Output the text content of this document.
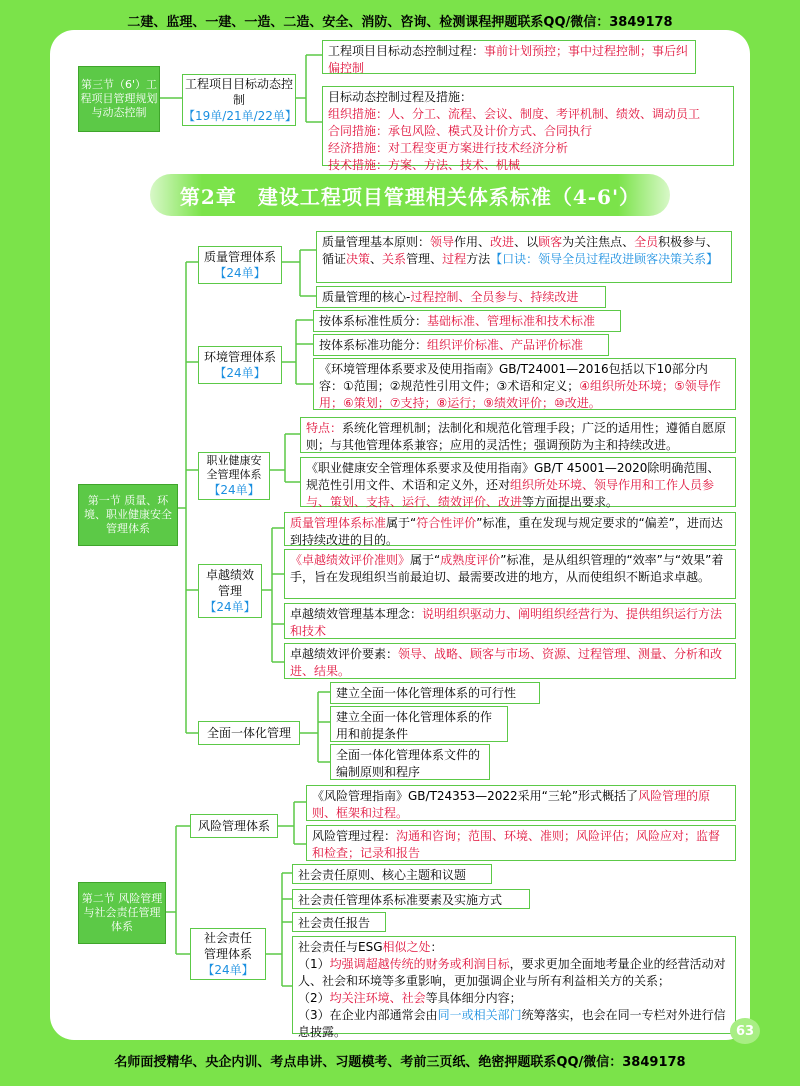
二建、监理、一建、一造、二造、安全、消防、咨询、检测课程押题联系QQ/微信：3849178
第三节（6'）工程项目管理规划与动态控制
工程项目目标动态控制
【19单/21单/22单】
工程项目目标动态控制过程：事前计划预控；事中过程控制；事后纠偏控制
目标动态控制过程及措施：
组织措施：人、分工、流程、会议、制度、考评机制、绩效、调动员工
合同措施：承包风险、模式及计价方式、合同执行
经济措施：对工程变更方案进行技术经济分析
技术措施：方案、方法、技术、机械
第2章　建设工程项目管理相关体系标准（4-6'）
第一节 质量、环境、职业健康安全管理体系
质量管理体系
【24单】
质量管理基本原则：领导作用、改进、以顾客为关注焦点、全员积极参与、循证决策、关系管理、过程方法【口诀：领导全员过程改进顾客决策关系】
质量管理的核心-过程控制、全员参与、持续改进
环境管理体系
【24单】
按体系标准性质分：基础标准、管理标准和技术标准
按体系标准功能分：组织评价标准、产品评价标准
《环境管理体系要求及使用指南》GB/T24001—2016包括以下10部分内容：①范围；②规范性引用文件；③术语和定义；④组织所处环境；⑤领导作用；⑥策划；⑦支持；⑧运行；⑨绩效评价；⑩改进。
职业健康安全管理体系
【24单】
特点：系统化管理机制；法制化和规范化管理手段；广泛的适用性；遵循自愿原则；与其他管理体系兼容；应用的灵活性；强调预防为主和持续改进。
《职业健康安全管理体系要求及使用指南》GB/T 45001—2020除明确范围、规范性引用文件、术语和定义外，还对组织所处环境、领导作用和工作人员参与、策划、支持、运行、绩效评价、改进等方面提出要求。
卓越绩效管理
【24单】
质量管理体系标准属于“符合性评价”标准，重在发现与规定要求的“偏差”，进而达到持续改进的目的。
《卓越绩效评价准则》属于“成熟度评价”标准，是从组织管理的“效率”与“效果”着手，旨在发现组织当前最迫切、最需要改进的地方，从而使组织不断追求卓越。
卓越绩效管理基本理念：说明组织驱动力、阐明组织经营行为、提供组织运行方法和技术
卓越绩效评价要素：领导、战略、顾客与市场、资源、过程管理、测量、分析和改进、结果。
全面一体化管理
建立全面一体化管理体系的可行性
建立全面一体化管理体系的作用和前提条件
全面一体化管理体系文件的编制原则和程序
第二节 风险管理与社会责任管理体系
风险管理体系
《风险管理指南》GB/T24353—2022采用“三轮”形式概括了风险管理的原则、框架和过程。
风险管理过程：沟通和咨询；范围、环境、准则；风险评估；风险应对；监督和检查；记录和报告
社会责任管理体系
【24单】
社会责任原则、核心主题和议题
社会责任管理体系标准要素及实施方式
社会责任报告
社会责任与ESG相似之处：
（1）均强调超越传统的财务或利润目标，要求更加全面地考量企业的经营活动对人、社会和环境等多重影响，更加强调企业与所有利益相关方的关系；
（2）均关注环境、社会等具体细分内容；
（3）在企业内部通常会由同一或相关部门统筹落实，也会在同一专栏对外进行信息披露。	63
名师面授精华、央企内训、考点串讲、习题模考、考前三页纸、绝密押题联系QQ/微信：3849178
